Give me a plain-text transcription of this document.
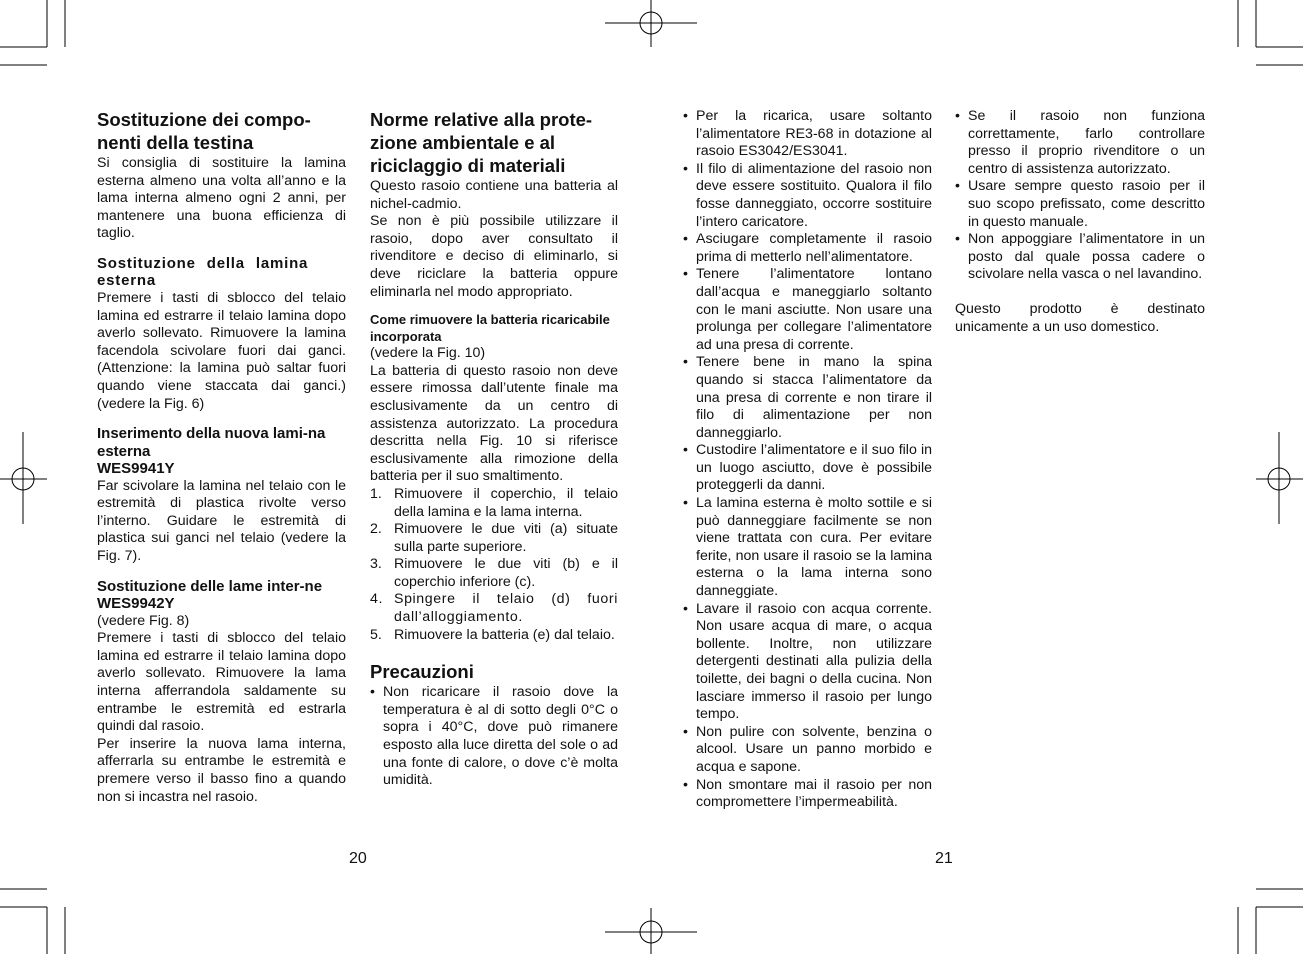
Sostituzione dei compo-nenti della testina

Si consiglia di sostituire la lamina esterna almeno una volta all’anno e la lama interna almeno ogni 2 anni, per mantenere una buona efficienza di taglio.

Sostituzione della lamina esterna

Premere i tasti di sblocco del telaio lamina ed estrarre il telaio lamina dopo averlo sollevato. Rimuovere la lamina facendola scivolare fuori dai ganci. (Attenzione: la lamina può saltar fuori quando viene staccata dai ganci.) (vedere la Fig. 6)

Inserimento della nuova lami-na esterna
WES9941Y

Far scivolare la lamina nel telaio con le estremità di plastica rivolte verso l’interno. Guidare le estremità di plastica sui ganci nel telaio (vedere la Fig. 7).

Sostituzione delle lame inter-ne
WES9942Y

(vedere Fig. 8)

Premere i tasti di sblocco del telaio lamina ed estrarre il telaio lamina dopo averlo sollevato. Rimuovere la lama interna afferrandola saldamente su entrambe le estremità ed estrarla quindi dal rasoio.

Per inserire la nuova lama interna, afferrarla su entrambe le estremità e premere verso il basso fino a quando non si incastra nel rasoio.

Norme relative alla prote-zione ambientale e al riciclaggio di materiali

Questo rasoio contiene una batteria al nichel-cadmio.

Se non è più possibile utilizzare il rasoio, dopo aver consultato il rivenditore e deciso di eliminarlo, si deve riciclare la batteria oppure eliminarla nel modo appropriato.

Come rimuovere la batteria ricaricabile incorporata

(vedere la Fig. 10)

La batteria di questo rasoio non deve essere rimossa dall’utente finale ma esclusivamente da un centro di assistenza autorizzato. La procedura descritta nella Fig. 10 si riferisce esclusivamente alla rimozione della batteria per il suo smaltimento.

1. Rimuovere il coperchio, il telaio della lamina e la lama interna.
2. Rimuovere le due viti (a) situate sulla parte superiore.
3. Rimuovere le due viti (b) e il coperchio inferiore (c).
4. Spingere il telaio (d) fuori dall’alloggiamento.
5. Rimuovere la batteria (e) dal telaio.
Precauzioni
• Non ricaricare il rasoio dove la temperatura è al di sotto degli 0°C o sopra i 40°C, dove può rimanere esposto alla luce diretta del sole o ad una fonte di calore, o dove c’è molta umidità.
20
• Per la ricarica, usare soltanto l’alimentatore RE3-68 in dotazione al rasoio ES3042/ES3041.
• Il filo di alimentazione del rasoio non deve essere sostituito. Qualora il filo fosse danneggiato, occorre sostituire l’intero caricatore.
• Asciugare completamente il rasoio prima di metterlo nell’alimentatore.
• Tenere l’alimentatore lontano dall’acqua e maneggiarlo soltanto con le mani asciutte. Non usare una prolunga per collegare l’alimentatore ad una presa di corrente.
• Tenere bene in mano la spina quando si stacca l’alimentatore da una presa di corrente e non tirare il filo di alimentazione per non danneggiarlo.
• Custodire l’alimentatore e il suo filo in un luogo asciutto, dove è possibile proteggerli da danni.
• La lamina esterna è molto sottile e si può danneggiare facilmente se non viene trattata con cura. Per evitare ferite, non usare il rasoio se la lamina esterna o la lama interna sono danneggiate.
• Lavare il rasoio con acqua corrente. Non usare acqua di mare, o acqua bollente. Inoltre, non utilizzare detergenti destinati alla pulizia della toilette, dei bagni o della cucina. Non lasciare immerso il rasoio per lungo tempo.
• Non pulire con solvente, benzina o alcool. Usare un panno morbido e acqua e sapone.
• Non smontare mai il rasoio per non compromettere l’impermeabilità.
• Se il rasoio non funziona correttamente, farlo controllare presso il proprio rivenditore o un centro di assistenza autorizzato.
• Usare sempre questo rasoio per il suo scopo prefissato, come descritto in questo manuale.
• Non appoggiare l’alimentatore in un posto dal quale possa cadere o scivolare nella vasca o nel lavandino.

Questo prodotto è destinato unicamente a un uso domestico.

21
